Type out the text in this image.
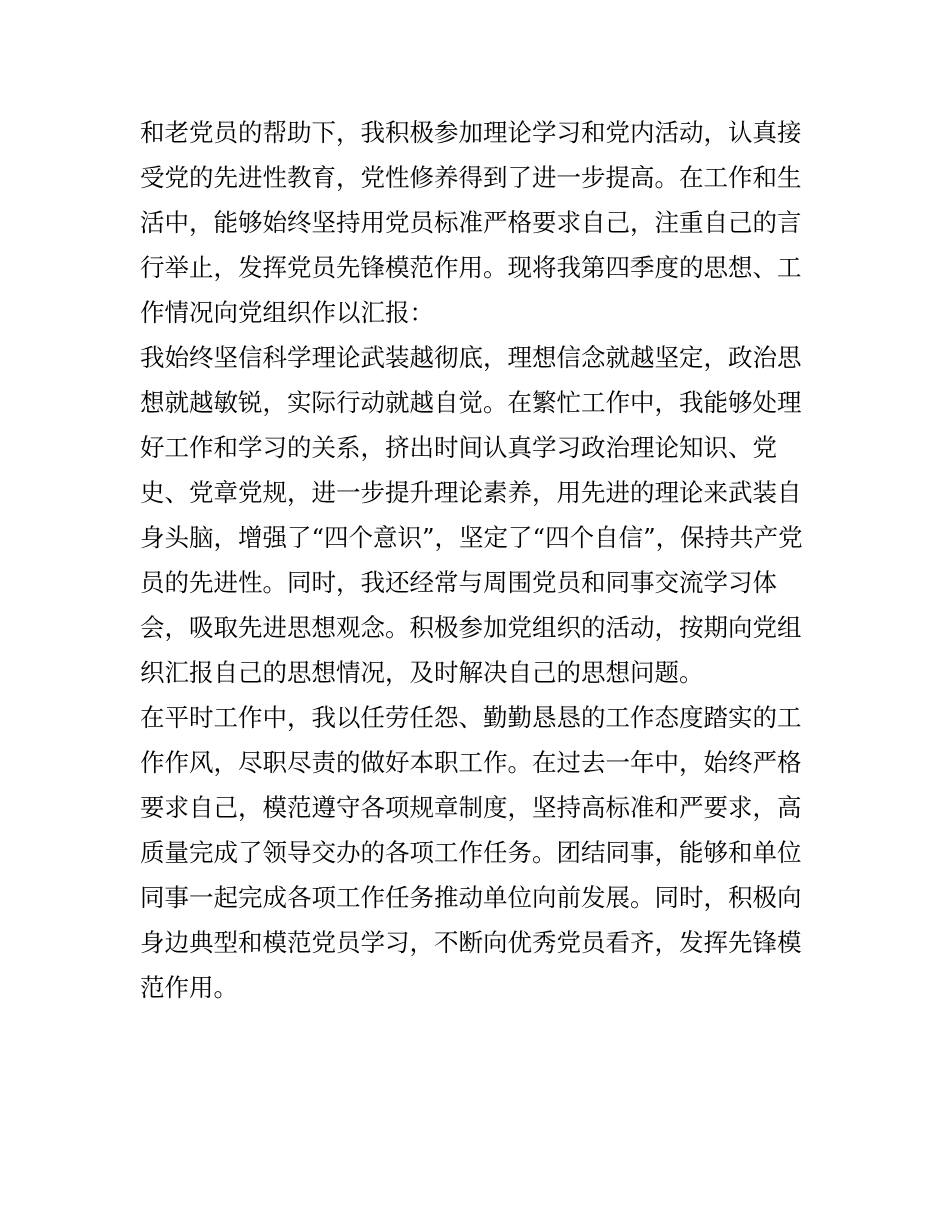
和老党员的帮助下，我积极参加理论学习和党内活动，认真接
受党的先进性教育，党性修养得到了进一步提高。在工作和生
活中，能够始终坚持用党员标准严格要求自己，注重自己的言
行举止，发挥党员先锋模范作用。现将我第四季度的思想、工
作情况向党组织作以汇报：
我始终坚信科学理论武装越彻底，理想信念就越坚定，政治思
想就越敏锐，实际行动就越自觉。在繁忙工作中，我能够处理
好工作和学习的关系，挤出时间认真学习政治理论知识、党
史、党章党规，进一步提升理论素养，用先进的理论来武装自
身头脑，增强了“四个意识”，坚定了“四个自信”，保持共产党
员的先进性。同时，我还经常与周围党员和同事交流学习体
会，吸取先进思想观念。积极参加党组织的活动，按期向党组
织汇报自己的思想情况，及时解决自己的思想问题。
在平时工作中，我以任劳任怨、勤勤恳恳的工作态度踏实的工
作作风，尽职尽责的做好本职工作。在过去一年中，始终严格
要求自己，模范遵守各项规章制度，坚持高标准和严要求，高
质量完成了领导交办的各项工作任务。团结同事，能够和单位
同事一起完成各项工作任务推动单位向前发展。同时，积极向
身边典型和模范党员学习，不断向优秀党员看齐，发挥先锋模
范作用。
